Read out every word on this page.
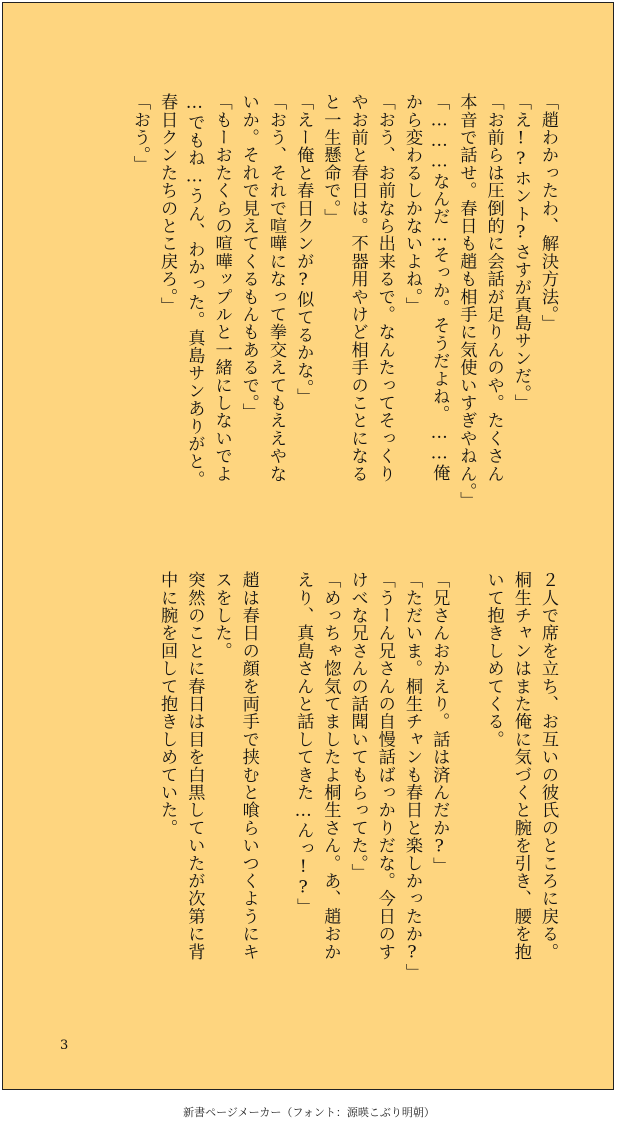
「趙わかったわ、解決方法。」
「え!?ホント?さすが真島サンだ。」
「お前らは圧倒的に会話が足りんのや。たくさん
本音で話せ。春日も趙も相手に気使いすぎやねん。」
「………なんだ…そっか。そうだよね。……俺
から変わるしかないよね。」
「おう、お前なら出来るで。なんたってそっくり
やお前と春日は。不器用やけど相手のことになる
と一生懸命で。」
「えー俺と春日クンが?似てるかな。」
「おう、それで喧嘩になって拳交えてもええやな
いか。それで見えてくるもんもあるで。」
「もーおたくらの喧嘩ップルと一緒にしないでよ
…でもね…うん、わかった。真島サンありがと。
春日クンたちのとこ戻ろ。」
「おう。」
２人で席を立ち、お互いの彼氏のところに戻る。
桐生チャンはまた俺に気づくと腕を引き、腰を抱
いて抱きしめてくる。

「兄さんおかえり。話は済んだか?」
「ただいま。桐生チャンも春日と楽しかったか?」
「うーん兄さんの自慢話ばっかりだな。今日のす
けべな兄さんの話聞いてもらってた。」
「めっちゃ惚気てましたよ桐生さん。あ、趙おか
えり、真島さんと話してきた…んっ!?」

趙は春日の顔を両手で挟むと喰らいつくようにキ
スをした。
突然のことに春日は目を白黒していたが次第に背
中に腕を回して抱きしめていた。
3
新書ページメーカー（フォント：源暎こぶり明朝）
